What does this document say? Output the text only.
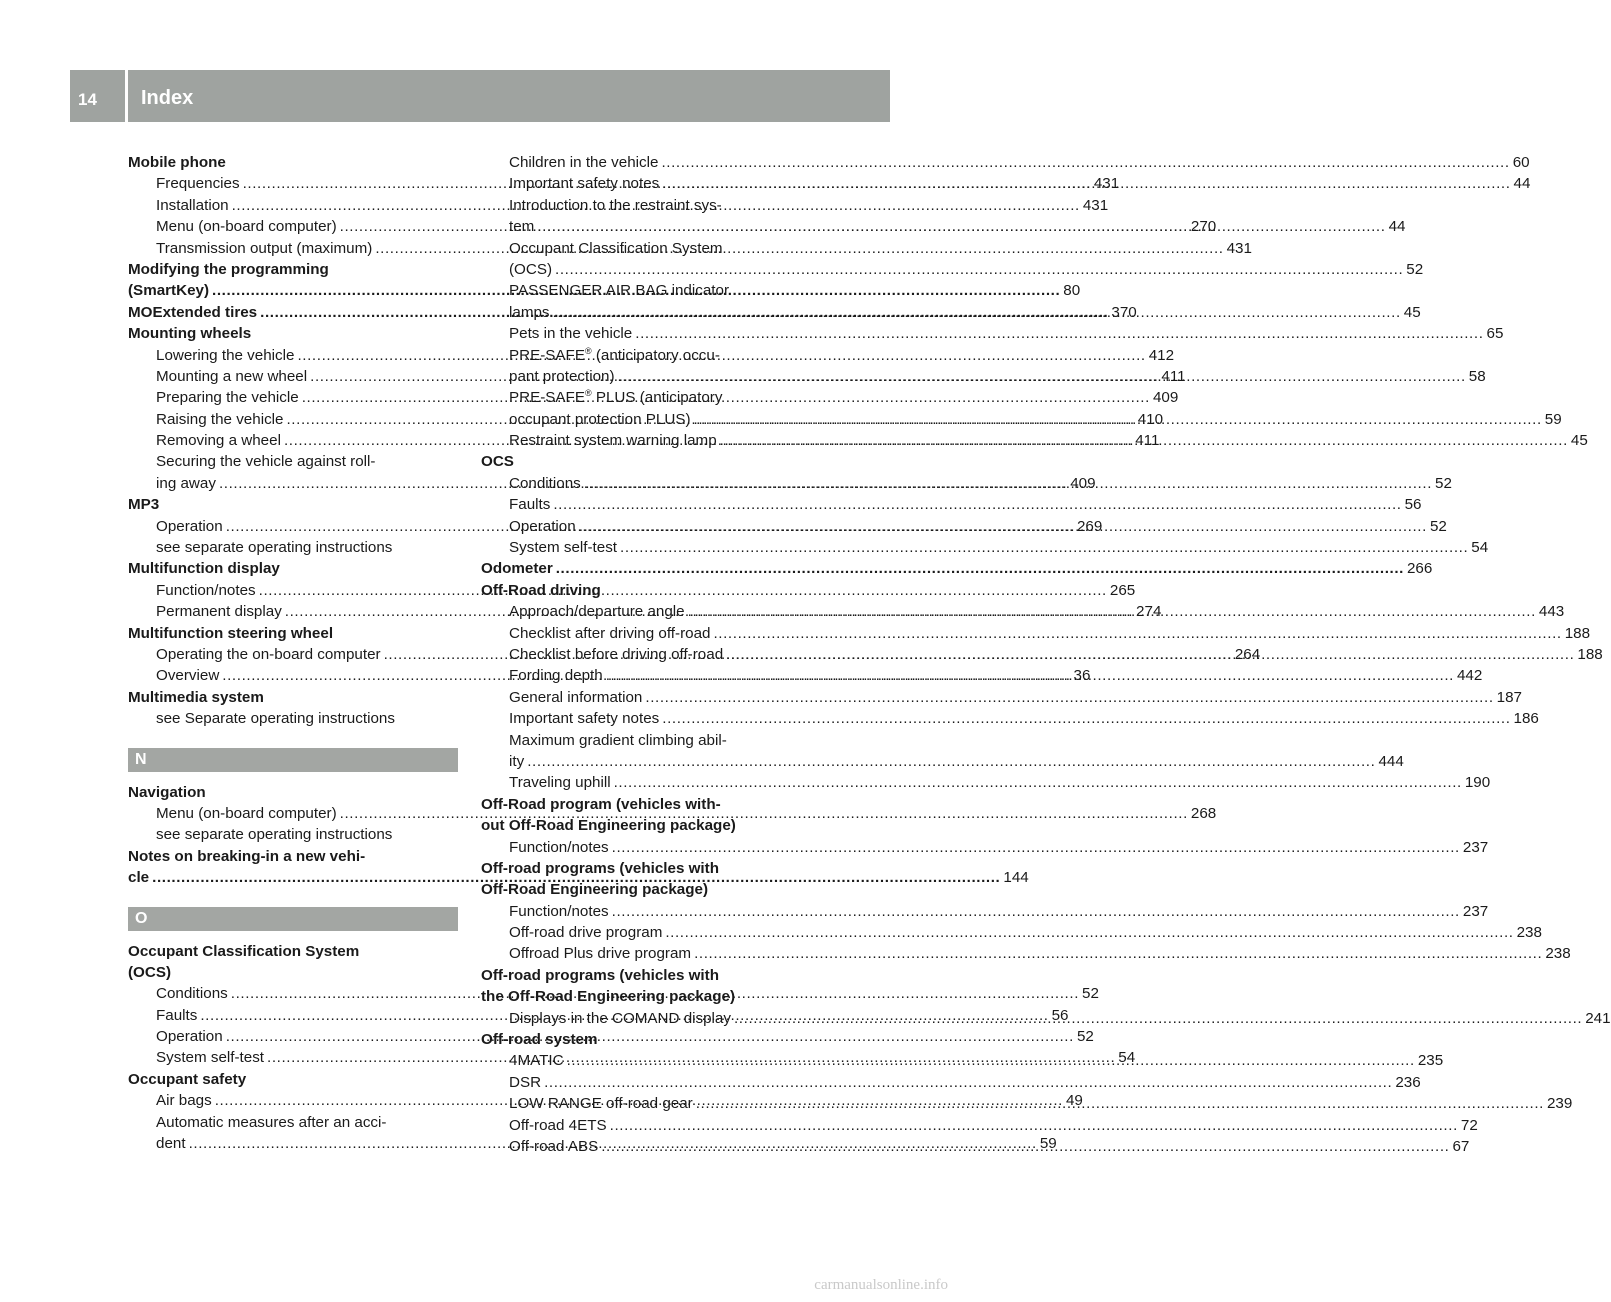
14	Index
Mobile phone
Frequencies .....	431
Installation .....	431
Menu (on-board computer) .....	270
Transmission output (maximum) .....	431
Modifying the programming
(SmartKey) .....	80
MOExtended tires .....	370
Mounting wheels
Lowering the vehicle .....	412
Mounting a new wheel .....	411
Preparing the vehicle .....	409
Raising the vehicle .....	410
Removing a wheel .....	411
Securing the vehicle against roll-
ing away .....	409
MP3
Operation .....	269
see separate operating instructions
Multifunction display
Function/notes .....	265
Permanent display .....	274
Multifunction steering wheel
Operating the on-board computer .....	264
Overview .....	36
Multimedia system
see Separate operating instructions
N
Navigation
Menu (on-board computer) .....	268
see separate operating instructions
Notes on breaking-in a new vehi-
cle .....	144
O
Occupant Classification System
(OCS)
Conditions .....	52
Faults .....	56
Operation .....	52
System self-test .....	54
Occupant safety
Air bags .....	49
Automatic measures after an acci-
dent .....	59
Children in the vehicle .....	60
Important safety notes .....	44
Introduction to the restraint sys-
tem .....	44
Occupant Classification System
(OCS) .....	52
PASSENGER AIR BAG indicator
lamps .....	45
Pets in the vehicle .....	65
PRE-SAFE® (anticipatory occu-
pant protection) .....	58
PRE-SAFE® PLUS (anticipatory
occupant protection PLUS) .....	59
Restraint system warning lamp .....	45
OCS
Conditions .....	52
Faults .....	56
Operation .....	52
System self-test .....	54
Odometer .....	266
Off-Road driving
Approach/departure angle .....	443
Checklist after driving off-road .....	188
Checklist before driving off-road .....	188
Fording depth .....	442
General information .....	187
Important safety notes .....	186
Maximum gradient climbing abil-
ity .....	444
Traveling uphill .....	190
Off-Road program (vehicles with-
out Off-Road Engineering package)
Function/notes .....	237
Off-road programs (vehicles with
Off-Road Engineering package)
Function/notes .....	237
Off-road drive program .....	238
Offroad Plus drive program .....	238
Off-road programs (vehicles with
the Off-Road Engineering package)
Displays in the COMAND display .....	241
Off-road system
4MATIC .....	235
DSR .....	236
LOW RANGE off-road gear .....	239
Off-road 4ETS .....	72
Off-road ABS .....	67
carmanualsonline.info
